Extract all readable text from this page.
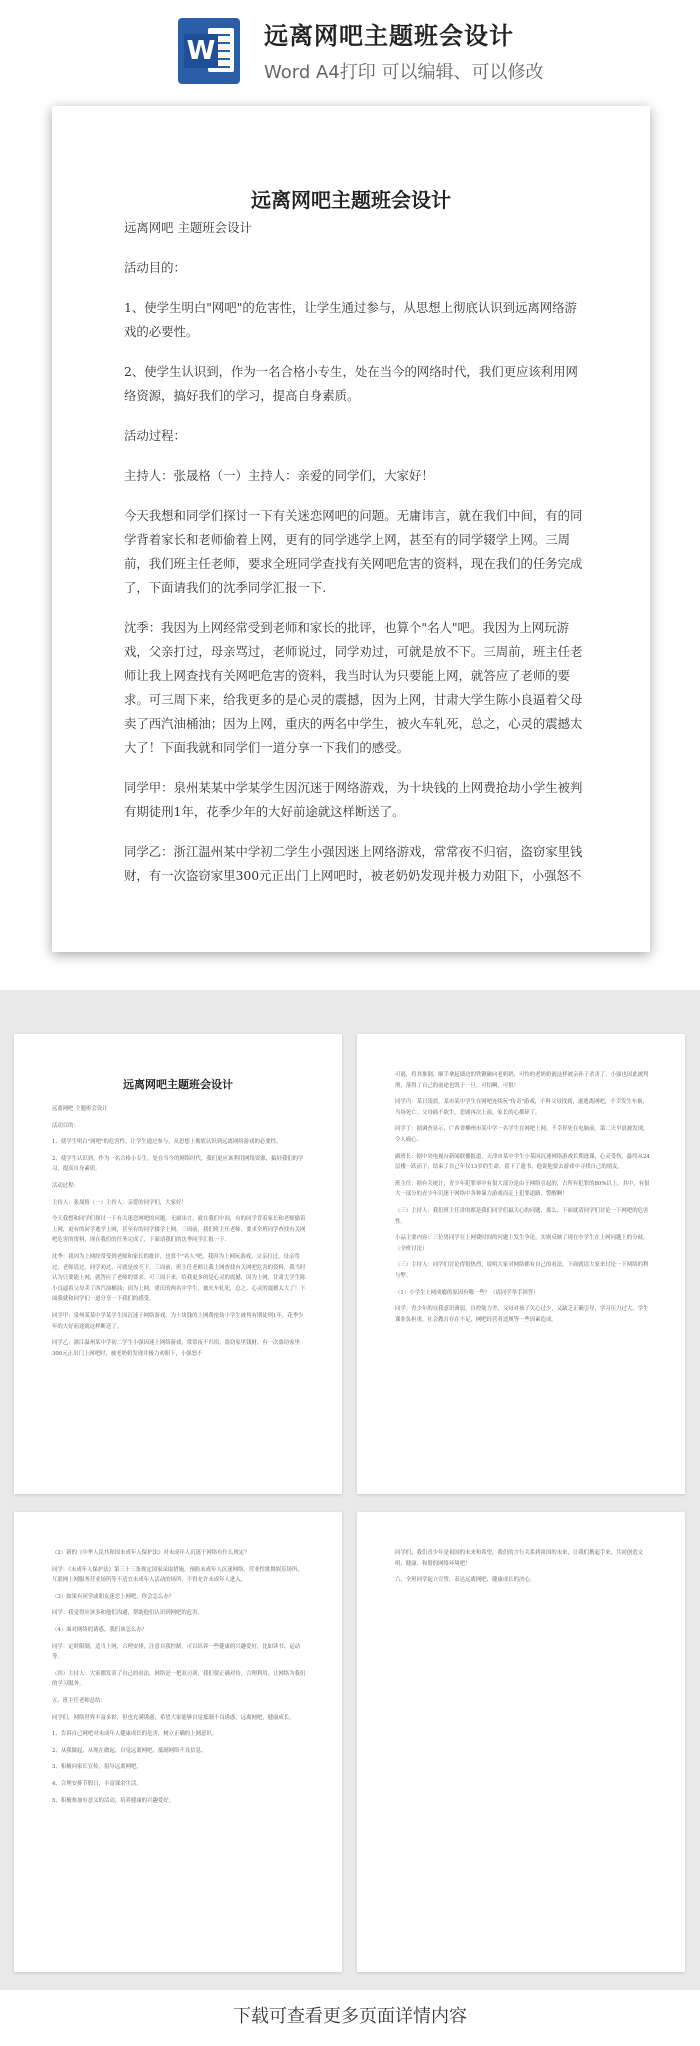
W 远离网吧主题班会设计
Word A4打印 可以编辑、可以修改
远离网吧主题班会设计

远离网吧 主题班会设计

活动目的：

1、使学生明白"网吧"的危害性，让学生通过参与，从思想上彻底认识到远离网络游戏的必要性。

2、使学生认识到，作为一名合格小专生，处在当今的网络时代，我们更应该利用网络资源，搞好我们的学习，提高自身素质。

活动过程：

主持人：张晟格（一）主持人：亲爱的同学们，大家好！

今天我想和同学们探讨一下有关迷恋网吧的问题。无庸讳言，就在我们中间，有的同学背着家长和老师偷着上网，更有的同学逃学上网，甚至有的同学辍学上网。三周前，我们班主任老师，要求全班同学查找有关网吧危害的资料，现在我们的任务完成了，下面请我们的沈季同学汇报一下.

沈季：我因为上网经常受到老师和家长的批评，也算个"名人"吧。我因为上网玩游戏，父亲打过，母亲骂过，老师说过，同学劝过，可就是放不下。三周前，班主任老师让我上网查找有关网吧危害的资料，我当时认为只要能上网，就答应了老师的要求。可三周下来，给我更多的是心灵的震撼，因为上网，甘肃大学生陈小良逼着父母卖了西汽油桶油；因为上网，重庆的两名中学生，被火车轧死，总之，心灵的震撼太大了！下面我就和同学们一道分享一下我们的感受。

同学甲：泉州某某中学某学生因沉迷于网络游戏，为十块钱的上网费抢劫小学生被判有期徒刑1年，花季少年的大好前途就这样断送了。

同学乙：浙江温州某中学初二学生小强因迷上网络游戏，常常夜不归宿，盗窃家里钱财，有一次盗窃家里300元正出门上网吧时，被老奶奶发现并极力劝阻下，小强怒不

远离网吧主题班会设计

远离网吧 主题班会设计

活动目的：

1、使学生明白"网吧"的危害性，让学生通过参与，从思想上彻底认识到远离网络游戏的必要性。

2、使学生认识到，作为一名合格小专生，处在当今的网络时代，我们更应该利用网络资源，搞好我们的学习，提高自身素质。

活动过程：

主持人：张晟格（一）主持人：亲爱的同学们，大家好！

今天我想和同学们探讨一下有关迷恋网吧的问题。无庸讳言，就在我们中间，有的同学背着家长和老师偷着上网，更有的同学逃学上网，甚至有的同学辍学上网。三周前，我们班主任老师，要求全班同学查找有关网吧危害的资料，现在我们的任务完成了，下面请我们的沈季同学汇报一下.

沈季：我因为上网经常受到老师和家长的批评，也算个"名人"吧。我因为上网玩游戏，父亲打过，母亲骂过，老师说过，同学劝过，可就是放不下。三周前，班主任老师让我上网查找有关网吧危害的资料，我当时认为只要能上网，就答应了老师的要求。可三周下来，给我更多的是心灵的震撼，因为上网，甘肃大学生陈小良逼着父母卖了西汽油桶油；因为上网，重庆的两名中学生，被火车轧死，总之，心灵的震撼太大了！下面我就和同学们一道分享一下我们的感受。

同学甲：泉州某某中学某学生因沉迷于网络游戏，为十块钱的上网费抢劫小学生被判有期徒刑1年，花季少年的大好前途就这样断送了。

同学乙：浙江温州某中学初二学生小强因迷上网络游戏，常常夜不归宿，盗窃家里钱财，有一次盗窃家里300元正出门上网吧时，被老奶奶发现并极力劝阻下，小强怒不

可遏，将其推倒，顺手拿起墙边的铁锹砸向老奶奶，可怜的老奶奶就这样被亲孙子杀害了。小强也因此被判刑，落得了自己的前途也毁于一旦。可怕啊，可恨！

同学丙：某日凌晨，某市某中学生在网吧连续玩"传奇"游戏，不料父母找到，遂逃离网吧，不幸发生车祸，当场死亡。父母痛不欲生，悲剧再次上演，家长的心都碎了。

同学丁：据调查显示，广西省柳州市某中学一名学生在网吧上网，不幸猝死在电脑前。第二天早晨被发现，令人痛心。

副班长：据中央电视台新闻联播报道，天津市某中学生小某因沉迷网络游戏长期逃课，心灵受伤，最终从24层楼一跃而下，结束了自己年仅13岁的生命，留下了遗书，他说他要去游戏中寻找自己的朋友。

班主任：据有关统计，青少年犯罪率中有很大部分是由于网络引起的，占所有犯罪的80%以上。其中，有很大一部分的青少年沉迷于网络中各种暴力游戏而走上犯罪道路，警醒啊！

（三）主持人：我们班主任讲的都是我们同学们最关心的问题，那么，下面就请同学们讨论一下网吧的危害性。

小品主要内容：三位男同学在上网费时间的问题上发生争论，实则反映了现在中学生在上网问题上的分歧。（全班讨论）

（三）主持人：同学们讨论得很热烈，说明大家对网络都有自己的看法。下面就请大家来讨论一下网络的利与弊。

（1）小学生上网成瘾的原因有哪一些？（请同学举手回答）

同学：青少年的自我意识薄弱，自控能力差，父母对孩子关心过少，又缺乏正确引导，学习压力过大，学生课业负担重，社会教育存在不足，网吧经营者违规等一些因素造成。

（2）新的《中华人民共和国未成年人保护法》对未成年人沉迷于网络有什么规定？

同学：《未成年人保护法》第三十三条规定国家采取措施，预防未成年人沉迷网络。营业性歌舞娱乐场所、互联网上网服务营业场所等不适宜未成年人活动的场所，不得允许未成年人进入。

（3）如果有同学或朋友迷恋上网吧，你会怎么办？

同学：我觉得应该多和他们沟通，帮助他们认识到网吧的危害。

（4）面对网络的诱惑，我们该怎么办？

同学：定时限制，适当上网，合理安排，注意自我控制，可以培养一些健康的兴趣爱好，比如读书、运动等。

（四）主持人：大家都发表了自己的看法，网络是一把双刃剑，我们要正确对待，合理利用，让网络为我们的学习服务。

五、班主任老师总结：

同学们，网络世界丰富多彩，但也充满诱惑，希望大家能够自觉抵制不良诱惑，远离网吧，健康成长。

1、告诉自己网吧对未成年人健康成长的危害，树立正确的上网意识。

2、从我做起，从现在做起，自觉远离网吧，抵制网络不良信息。

3、积极向家长宣传，倡导远离网吧。

4、合理安排节假日，丰富课余生活。

5、积极参加有意义的活动，培养健康的兴趣爱好。

同学们，我们青少年是祖国的未来和希望，我们的言行关系到祖国的未来，让我们携起手来，共同创造文明、健康、和谐的网络环境吧！

六、全班同学起立宣誓，表达远离网吧、健康成长的决心。

下载可查看更多页面详情内容
